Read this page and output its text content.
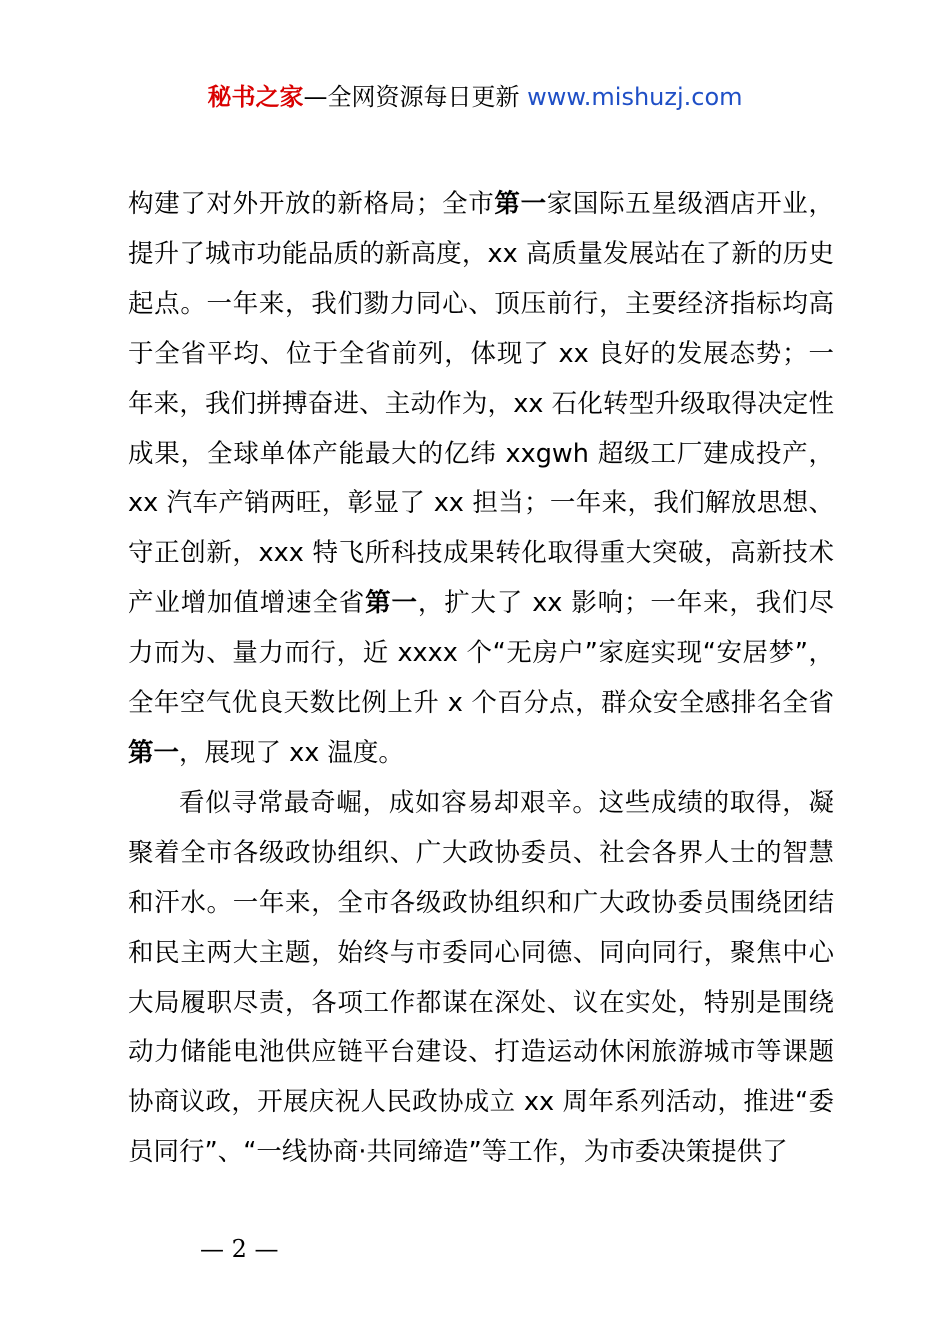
秘书之家—全网资源每日更新 www.mishuzj.com

构建了对外开放的新格局；全市第一家国际五星级酒店开业，提升了城市功能品质的新高度，xx 高质量发展站在了新的历史起点。一年来，我们勠力同心、顶压前行，主要经济指标均高于全省平均、位于全省前列，体现了 xx 良好的发展态势；一年来，我们拼搏奋进、主动作为，xx 石化转型升级取得决定性成果，全球单体产能最大的亿纬 xxgwh 超级工厂建成投产，xx 汽车产销两旺，彰显了 xx 担当；一年来，我们解放思想、守正创新，xxx 特飞所科技成果转化取得重大突破，高新技术产业增加值增速全省第一，扩大了 xx 影响；一年来，我们尽力而为、量力而行，近 xxxx 个“无房户”家庭实现“安居梦”，全年空气优良天数比例上升 x 个百分点，群众安全感排名全省第一，展现了 xx 温度。

看似寻常最奇崛，成如容易却艰辛。这些成绩的取得，凝聚着全市各级政协组织、广大政协委员、社会各界人士的智慧和汗水。一年来，全市各级政协组织和广大政协委员围绕团结和民主两大主题，始终与市委同心同德、同向同行，聚焦中心大局履职尽责，各项工作都谋在深处、议在实处，特别是围绕动力储能电池供应链平台建设、打造运动休闲旅游城市等课题协商议政，开展庆祝人民政协成立 xx 周年系列活动，推进“委员同行”、“一线协商·共同缔造”等工作，为市委决策提供了

— 2 —
